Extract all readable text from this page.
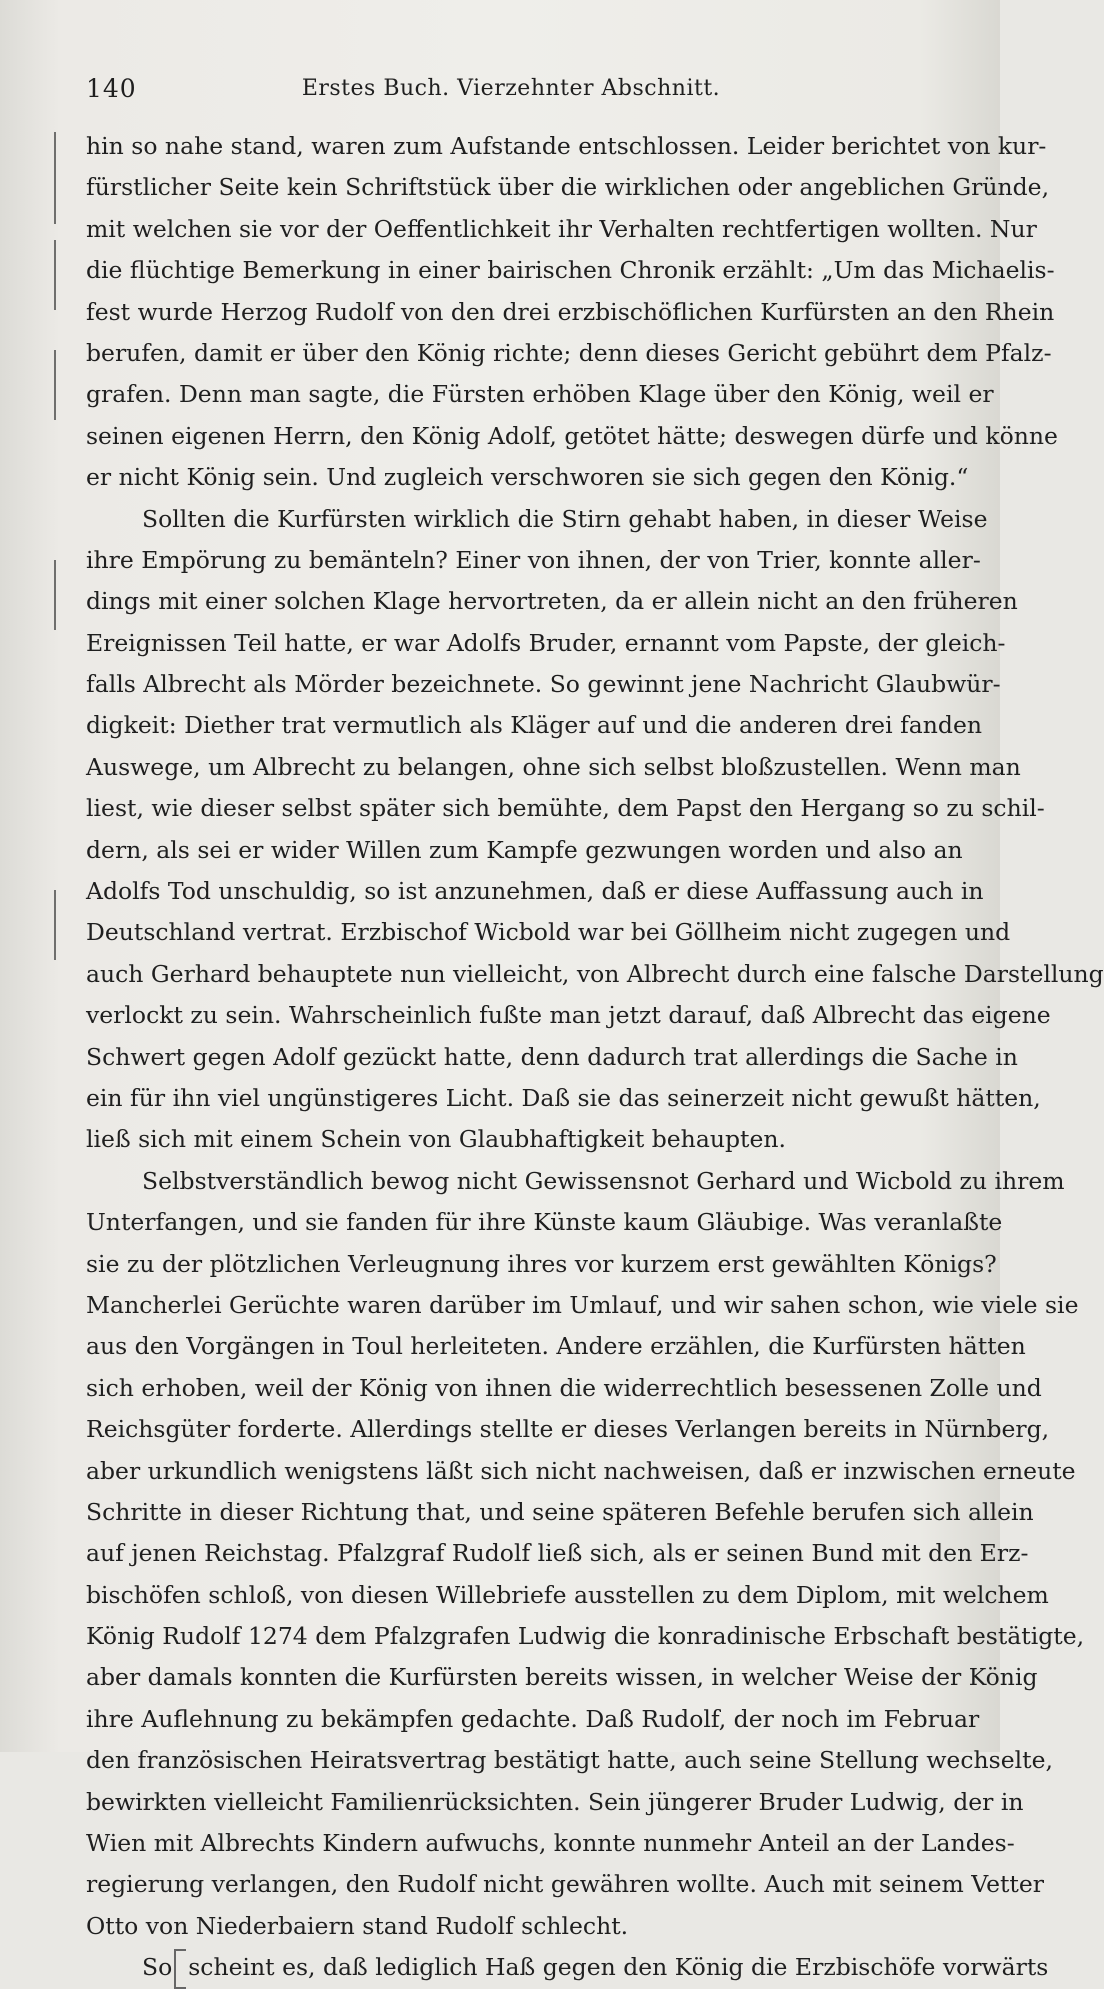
140	Erstes Buch. Vierzehnter Abschnitt.
hin so nahe stand, waren zum Aufstande entschlossen. Leider berichtet von kur-
fürstlicher Seite kein Schriftstück über die wirklichen oder angeblichen Gründe,
mit welchen sie vor der Oeffentlichkeit ihr Verhalten rechtfertigen wollten. Nur
die flüchtige Bemerkung in einer bairischen Chronik erzählt: „Um das Michaelis-
fest wurde Herzog Rudolf von den drei erzbischöflichen Kurfürsten an den Rhein
berufen, damit er über den König richte; denn dieses Gericht gebührt dem Pfalz-
grafen. Denn man sagte, die Fürsten erhöben Klage über den König, weil er
seinen eigenen Herrn, den König Adolf, getötet hätte; deswegen dürfe und könne
er nicht König sein. Und zugleich verschworen sie sich gegen den König.“
Sollten die Kurfürsten wirklich die Stirn gehabt haben, in dieser Weise
ihre Empörung zu bemänteln? Einer von ihnen, der von Trier, konnte aller-
dings mit einer solchen Klage hervortreten, da er allein nicht an den früheren
Ereignissen Teil hatte, er war Adolfs Bruder, ernannt vom Papste, der gleich-
falls Albrecht als Mörder bezeichnete. So gewinnt jene Nachricht Glaubwür-
digkeit: Diether trat vermutlich als Kläger auf und die anderen drei fanden
Auswege, um Albrecht zu belangen, ohne sich selbst bloßzustellen. Wenn man
liest, wie dieser selbst später sich bemühte, dem Papst den Hergang so zu schil-
dern, als sei er wider Willen zum Kampfe gezwungen worden und also an
Adolfs Tod unschuldig, so ist anzunehmen, daß er diese Auffassung auch in
Deutschland vertrat. Erzbischof Wicbold war bei Göllheim nicht zugegen und
auch Gerhard behauptete nun vielleicht, von Albrecht durch eine falsche Darstellung
verlockt zu sein. Wahrscheinlich fußte man jetzt darauf, daß Albrecht das eigene
Schwert gegen Adolf gezückt hatte, denn dadurch trat allerdings die Sache in
ein für ihn viel ungünstigeres Licht. Daß sie das seinerzeit nicht gewußt hätten,
ließ sich mit einem Schein von Glaubhaftigkeit behaupten.
Selbstverständlich bewog nicht Gewissensnot Gerhard und Wicbold zu ihrem
Unterfangen, und sie fanden für ihre Künste kaum Gläubige. Was veranlaßte
sie zu der plötzlichen Verleugnung ihres vor kurzem erst gewählten Königs?
Mancherlei Gerüchte waren darüber im Umlauf, und wir sahen schon, wie viele sie
aus den Vorgängen in Toul herleiteten. Andere erzählen, die Kurfürsten hätten
sich erhoben, weil der König von ihnen die widerrechtlich besessenen Zolle und
Reichsgüter forderte. Allerdings stellte er dieses Verlangen bereits in Nürnberg,
aber urkundlich wenigstens läßt sich nicht nachweisen, daß er inzwischen erneute
Schritte in dieser Richtung that, und seine späteren Befehle berufen sich allein
auf jenen Reichstag. Pfalzgraf Rudolf ließ sich, als er seinen Bund mit den Erz-
bischöfen schloß, von diesen Willebriefe ausstellen zu dem Diplom, mit welchem
König Rudolf 1274 dem Pfalzgrafen Ludwig die konradinische Erbschaft bestätigte,
aber damals konnten die Kurfürsten bereits wissen, in welcher Weise der König
ihre Auflehnung zu bekämpfen gedachte. Daß Rudolf, der noch im Februar
den französischen Heiratsvertrag bestätigt hatte, auch seine Stellung wechselte,
bewirkten vielleicht Familienrücksichten. Sein jüngerer Bruder Ludwig, der in
Wien mit Albrechts Kindern aufwuchs, konnte nunmehr Anteil an der Landes-
regierung verlangen, den Rudolf nicht gewähren wollte. Auch mit seinem Vetter
Otto von Niederbaiern stand Rudolf schlecht.
So scheint es, daß lediglich Haß gegen den König die Erzbischöfe vorwärts
